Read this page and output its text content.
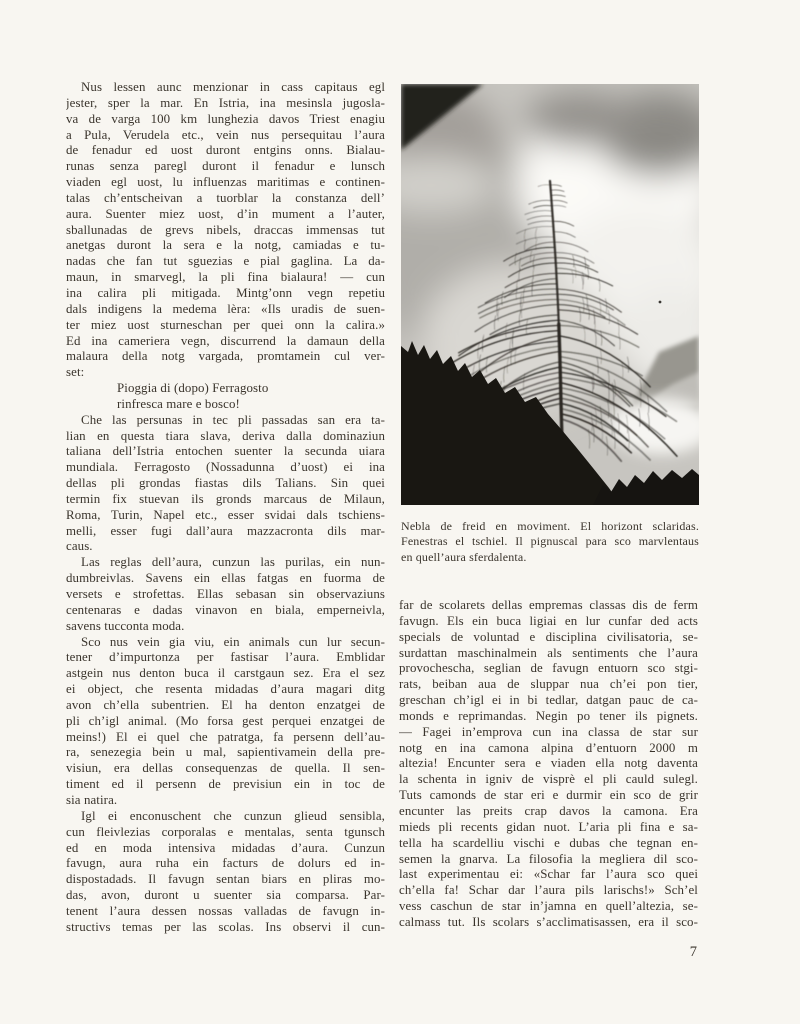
Nus lessen aunc menzionar in cass capitaus egl
jester, sper la mar. En Istria, ina mesinsla jugosla-
va de varga 100 km lunghezia davos Triest enagiu
a Pula, Verudela etc., vein nus persequitau l’aura
de fenadur ed uost duront entgins onns. Bialau-
runas senza paregl duront il fenadur e lunsch
viaden egl uost, lu influenzas maritimas e continen-
talas ch’entscheivan a tuorblar la constanza dell’
aura. Suenter miez uost, d’in mument a l’auter,
sballunadas de grevs nibels, draccas immensas tut
anetgas duront la sera e la notg, camiadas e tu-
nadas che fan tut sguezias e pial gaglina. La da-
maun, in smarvegl, la pli fina bialaura! — cun
ina calira pli mitigada. Mintg’onn vegn repetiu
dals indigens la medema lèra: «Ils uradis de suen-
ter miez uost sturneschan per quei onn la calira.»
Ed ina cameriera vegn, discurrend la damaun della
malaura della notg vargada, promtamein cul ver-
set:
Pioggia di (dopo) Ferragosto
rinfresca mare e bosco!
Che las persunas in tec pli passadas san era ta-
lian en questa tiara slava, deriva dalla dominaziun
taliana dell’Istria entochen suenter la secunda uiara
mundiala. Ferragosto (Nossadunna d’uost) ei ina
dellas pli grondas fiastas dils Talians. Sin quei
termin fix stuevan ils gronds marcaus de Milaun,
Roma, Turin, Napel etc., esser svidai dals tschiens-
melli, esser fugi dall’aura mazzacronta dils mar-
caus.
Las reglas dell’aura, cunzun las purilas, ein nun-
dumbreivlas. Savens ein ellas fatgas en fuorma de
versets e strofettas. Ellas sebasan sin observaziuns
centenaras e dadas vinavon en biala, emperneivla,
savens tucconta moda.
Sco nus vein gia viu, ein animals cun lur secun-
tener d’impurtonza per fastisar l’aura. Emblidar
astgein nus denton buca il carstgaun sez. Era el sez
ei object, che resenta midadas d’aura magari ditg
avon ch’ella subentrien. El ha denton enzatgei de
pli ch’igl animal. (Mo forsa gest perquei enzatgei de
meins!) El ei quel che patratga, fa persenn dell’au-
ra, senezegia bein u mal, sapientivamein della pre-
visiun, era dellas consequenzas de quella. Il sen-
timent ed il persenn de previsiun ein in toc de
sia natira.
Igl ei enconuschent che cunzun glieud sensibla,
cun fleivlezias corporalas e mentalas, senta tgunsch
ed en moda intensiva midadas d’aura. Cunzun
favugn, aura ruha ein facturs de dolurs ed in-
dispostadads. Il favugn sentan biars en pliras mo-
das, avon, duront u suenter sia comparsa. Par-
tenent l’aura dessen nossas valladas de favugn in-
structivs temas per las scolas. Ins observi il cun-
Nebla de freid en moviment. El horizont sclaridas.
Fenestras el tschiel. Il pignuscal para sco marvlentaus
en quell’aura sferdalenta.
far de scolarets dellas empremas classas dis de ferm
favugn. Els ein buca ligiai en lur cunfar ded acts
specials de voluntad e disciplina civilisatoria, se-
surdattan maschinalmein als sentiments che l’aura
provochescha, seglian de favugn entuorn sco stgi-
rats, beiban aua de sluppar nua ch’ei pon tier,
greschan ch’igl ei in bi tedlar, datgan pauc de ca-
monds e reprimandas. Negin po tener ils pignets.
— Fagei in’emprova cun ina classa de star sur
notg en ina camona alpina d’entuorn 2000 m
altezia! Encunter sera e viaden ella notg daventa
la schenta in igniv de visprè el pli cauld sulegl.
Tuts camonds de star eri e durmir ein sco de grir
encunter las preits crap davos la camona. Era
mieds pli recents gidan nuot. L’aria pli fina e sa-
tella ha scardelliu vischi e dubas che tegnan en-
semen la gnarva. La filosofia la megliera dil sco-
last experimentau ei: «Schar far l’aura sco quei
ch’ella fa! Schar dar l’aura pils larischs!» Sch’el
vess caschun de star in’jamna en quell’altezia, se-
calmass tut. Ils scolars s’acclimatisassen, era il sco-
7
